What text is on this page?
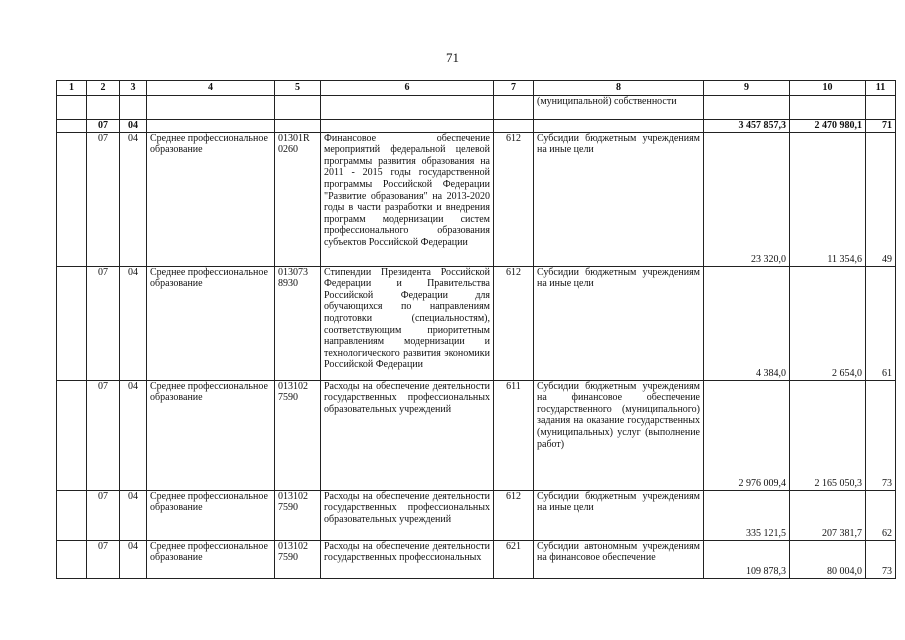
71
1	2	3	4	5	6	7	8	9	10	11
							(муниципальной) собственности			
	07	04						3 457 857,3	2 470 980,1	71
	07	04	Среднее профессиональное образование	01301R 0260	Финансовое обеспечение мероприятий федеральной целевой программы развития образования на 2011 - 2015 годы государственной программы Российской Федерации "Развитие образования" на 2013-2020 годы в части разработки и внедрения программ модернизации систем профессионального образования субъектов Российской Федерации	612	Субсидии бюджетным учреждениям на иные цели	23 320,0	11 354,6	49
	07	04	Среднее профессиональное образование	013073 8930	Стипендии Президента Российской Федерации и Правительства Российской Федерации для обучающихся по направлениям подготовки (специальностям), соответствующим приоритетным направлениям модернизации и технологического развития экономики Российской Федерации	612	Субсидии бюджетным учреждениям на иные цели	4 384,0	2 654,0	61
	07	04	Среднее профессиональное образование	013102 7590	Расходы на обеспечение деятельности государственных профессиональных образовательных учреждений	611	Субсидии бюджетным учреждениям на финансовое обеспечение государственного (муниципального) задания на оказание государственных (муниципальных) услуг (выполнение работ)	2 976 009,4	2 165 050,3	73
	07	04	Среднее профессиональное образование	013102 7590	Расходы на обеспечение деятельности государственных профессиональных образовательных учреждений	612	Субсидии бюджетным учреждениям на иные цели	335 121,5	207 381,7	62
	07	04	Среднее профессиональное образование	013102 7590	Расходы на обеспечение деятельности государственных профессиональных	621	Субсидии автономным учреждениям на финансовое обеспечение	109 878,3	80 004,0	73
